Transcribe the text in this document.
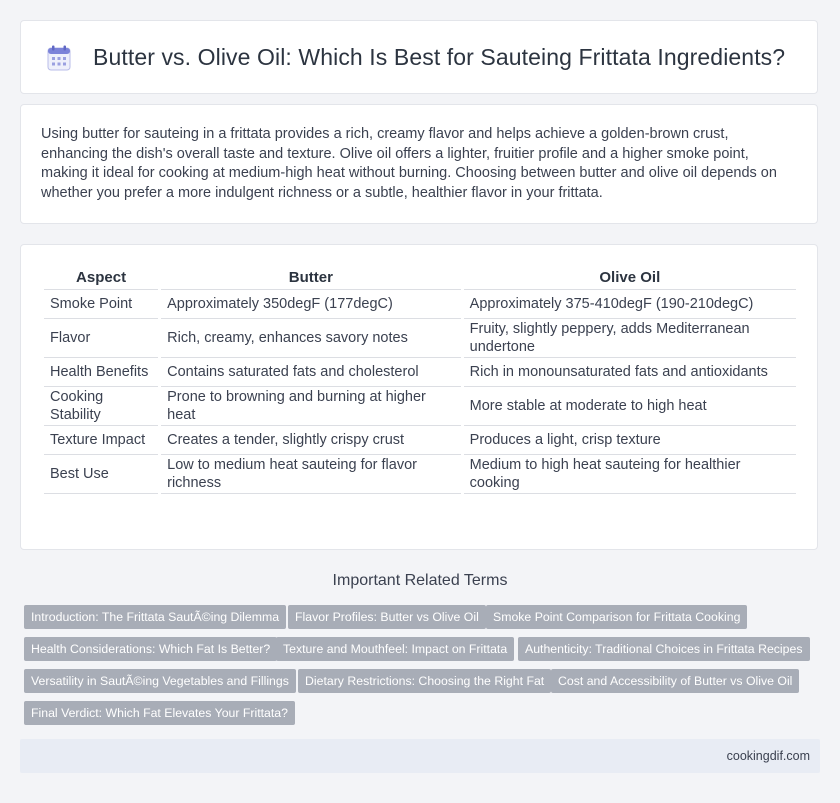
Butter vs. Olive Oil: Which Is Best for Sauteing Frittata Ingredients?

Using butter for sauteing in a frittata provides a rich, creamy flavor and helps achieve a golden-brown crust, enhancing the dish's overall taste and texture. Olive oil offers a lighter, fruitier profile and a higher smoke point, making it ideal for cooking at medium-high heat without burning. Choosing between butter and olive oil depends on whether you prefer a more indulgent richness or a subtle, healthier flavor in your frittata.

Aspect	Butter	Olive Oil
Smoke Point	Approximately 350degF (177degC)	Approximately 375-410degF (190-210degC)
Flavor	Rich, creamy, enhances savory notes	Fruity, slightly peppery, adds Mediterranean undertone
Health Benefits	Contains saturated fats and cholesterol	Rich in monounsaturated fats and antioxidants
Cooking Stability	Prone to browning and burning at higher heat	More stable at moderate to high heat
Texture Impact	Creates a tender, slightly crispy crust	Produces a light, crisp texture
Best Use	Low to medium heat sauteing for flavor richness	Medium to high heat sauteing for healthier cooking
Important Related Terms
Introduction: The Frittata SautÃ©ing Dilemma	Flavor Profiles: Butter vs Olive Oil	Smoke Point Comparison for Frittata Cooking
Health Considerations: Which Fat Is Better?	Texture and Mouthfeel: Impact on Frittata	Authenticity: Traditional Choices in Frittata Recipes
Versatility in SautÃ©ing Vegetables and Fillings	Dietary Restrictions: Choosing the Right Fat	Cost and Accessibility of Butter vs Olive Oil
Final Verdict: Which Fat Elevates Your Frittata?
cookingdif.com
